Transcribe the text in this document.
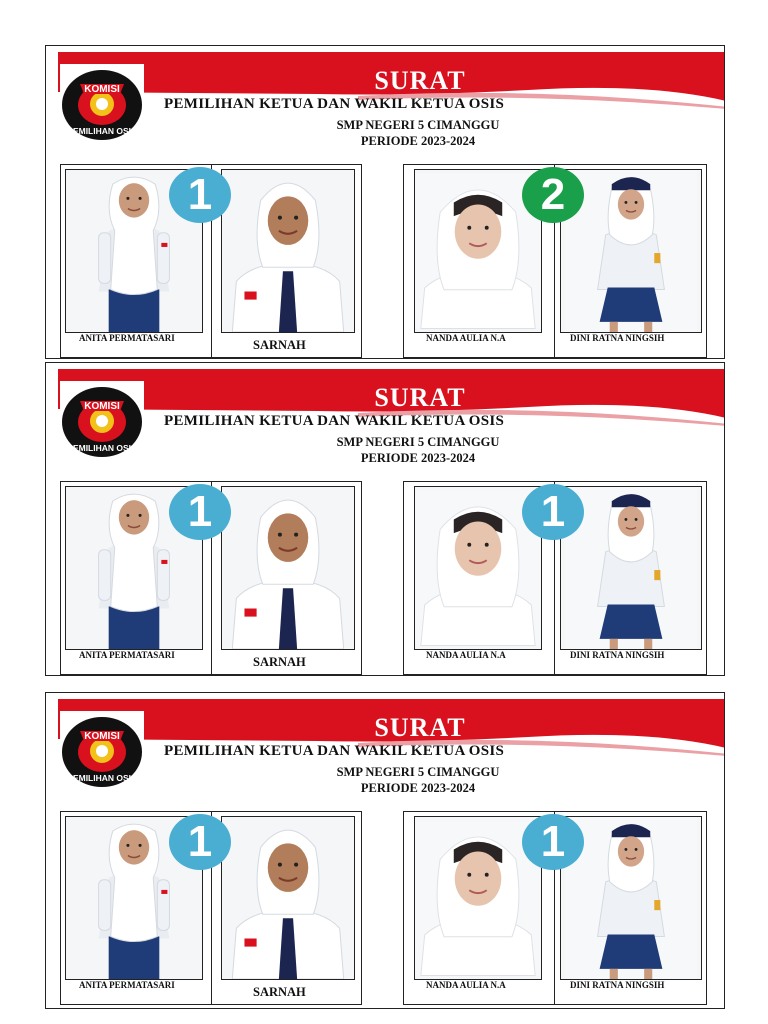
KOMISI
PEMILIHAN OSIS
SURAT
PEMILIHAN KETUA DAN WAKIL KETUA OSIS
SMP NEGERI 5 CIMANGGU
PERIODE 2023-2024
ANITA PERMATASARI	SARNAH
1
NANDA AULIA N.A	DINI RATNA NINGSIH
2
KOMISI
PEMILIHAN OSIS
SURAT
PEMILIHAN KETUA DAN WAKIL KETUA OSIS
SMP NEGERI 5 CIMANGGU
PERIODE 2023-2024
ANITA PERMATASARI	SARNAH
1
NANDA AULIA N.A	DINI RATNA NINGSIH
1
KOMISI
PEMILIHAN OSIS
SURAT
PEMILIHAN KETUA DAN WAKIL KETUA OSIS
SMP NEGERI 5 CIMANGGU
PERIODE 2023-2024
ANITA PERMATASARI	SARNAH
1
NANDA AULIA N.A	DINI RATNA NINGSIH
1
